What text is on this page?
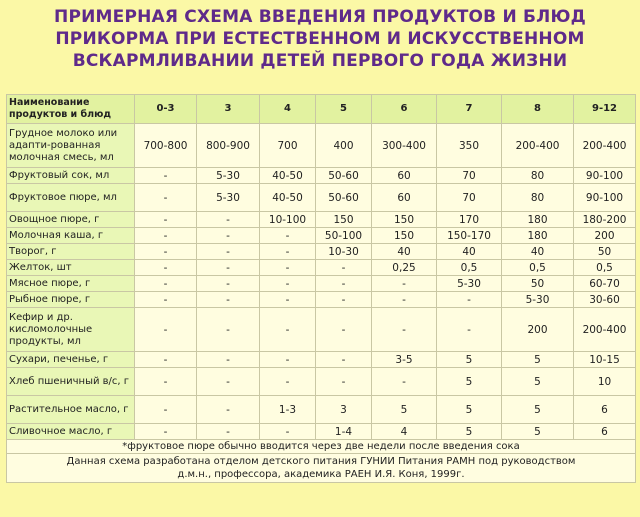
ПРИМЕРНАЯ СХЕМА ВВЕДЕНИЯ ПРОДУКТОВ И БЛЮД
ПРИКОРМА ПРИ ЕСТЕСТВЕННОМ И ИСКУССТВЕННОМ
ВСКАРМЛИВАНИИ ДЕТЕЙ ПЕРВОГО ГОДА ЖИЗНИ
Наименование продуктов и блюд	0-3	3	4	5	6	7	8	9-12
Грудное молоко или адапти-рованная молочная смесь, мл	700-800	800-900	700	400	300-400	350	200-400	200-400
Фруктовый сок, мл	-	5-30	40-50	50-60	60	70	80	90-100
Фруктовое пюре, мл	-	5-30	40-50	50-60	60	70	80	90-100
Овощное пюре, г	-	-	10-100	150	150	170	180	180-200
Молочная каша, г	-	-	-	50-100	150	150-170	180	200
Творог, г	-	-	-	10-30	40	40	40	50
Желток, шт	-	-	-	-	0,25	0,5	0,5	0,5
Мясное пюре, г	-	-	-	-	-	5-30	50	60-70
Рыбное пюре, г	-	-	-	-	-	-	5-30	30-60
Кефир и др. кисломолочные продукты, мл	-	-	-	-	-	-	200	200-400
Сухари, печенье, г	-	-	-	-	3-5	5	5	10-15
Хлеб пшеничный в/с, г	-	-	-	-	-	5	5	10
Растительное масло, г	-	-	1-3	3	5	5	5	6
Сливочное масло, г	-	-	-	1-4	4	5	5	6
*фруктовое пюре обычно вводится через две недели после введения сока								
Данная схема разработана отделом детского питания ГУНИИ Питания РАМН под руководством
д.м.н., профессора, академика РАЕН И.Я. Коня, 1999г.								
